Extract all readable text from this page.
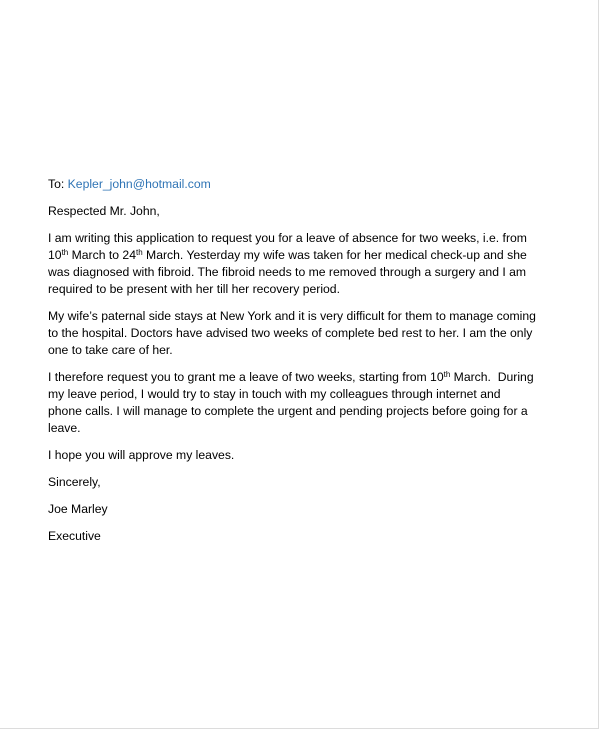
To: Kepler_john@hotmail.com
Respected Mr. John,
I am writing this application to request you for a leave of absence for two weeks, i.e. from
10th March to 24th March. Yesterday my wife was taken for her medical check-up and she
was diagnosed with fibroid. The fibroid needs to me removed through a surgery and I am
required to be present with her till her recovery period.
My wife’s paternal side stays at New York and it is very difficult for them to manage coming
to the hospital. Doctors have advised two weeks of complete bed rest to her. I am the only
one to take care of her.
I therefore request you to grant me a leave of two weeks, starting from 10th March.  During
my leave period, I would try to stay in touch with my colleagues through internet and
phone calls. I will manage to complete the urgent and pending projects before going for a
leave.
I hope you will approve my leaves.
Sincerely,
Joe Marley
Executive
